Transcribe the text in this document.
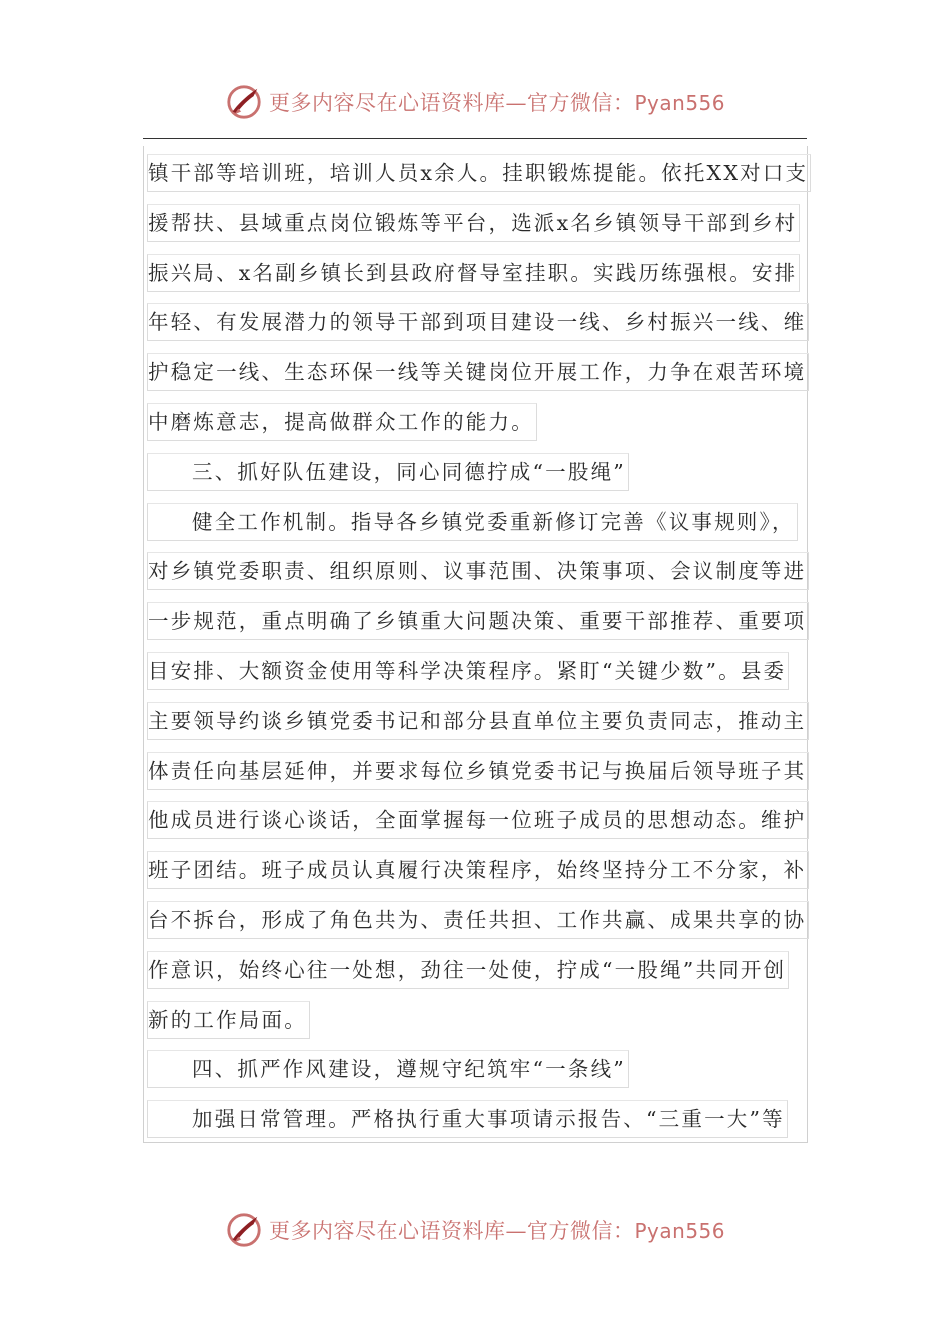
更多内容尽在心语资料库—官方微信：Pyan556
镇干部等培训班，培训人员x余人。挂职锻炼提能。依托XX对口支
援帮扶、县域重点岗位锻炼等平台，选派x名乡镇领导干部到乡村
振兴局、x名副乡镇长到县政府督导室挂职。实践历练强根。安排
年轻、有发展潜力的领导干部到项目建设一线、乡村振兴一线、维
护稳定一线、生态环保一线等关键岗位开展工作，力争在艰苦环境
中磨炼意志，提高做群众工作的能力。
三、抓好队伍建设，同心同德拧成“一股绳”
健全工作机制。指导各乡镇党委重新修订完善《议事规则》，
对乡镇党委职责、组织原则、议事范围、决策事项、会议制度等进
一步规范，重点明确了乡镇重大问题决策、重要干部推荐、重要项
目安排、大额资金使用等科学决策程序。紧盯“关键少数”。县委
主要领导约谈乡镇党委书记和部分县直单位主要负责同志，推动主
体责任向基层延伸，并要求每位乡镇党委书记与换届后领导班子其
他成员进行谈心谈话，全面掌握每一位班子成员的思想动态。维护
班子团结。班子成员认真履行决策程序，始终坚持分工不分家，补
台不拆台，形成了角色共为、责任共担、工作共赢、成果共享的协
作意识，始终心往一处想，劲往一处使，拧成“一股绳”共同开创
新的工作局面。
四、抓严作风建设，遵规守纪筑牢“一条线”
加强日常管理。严格执行重大事项请示报告、“三重一大”等
更多内容尽在心语资料库—官方微信：Pyan556
